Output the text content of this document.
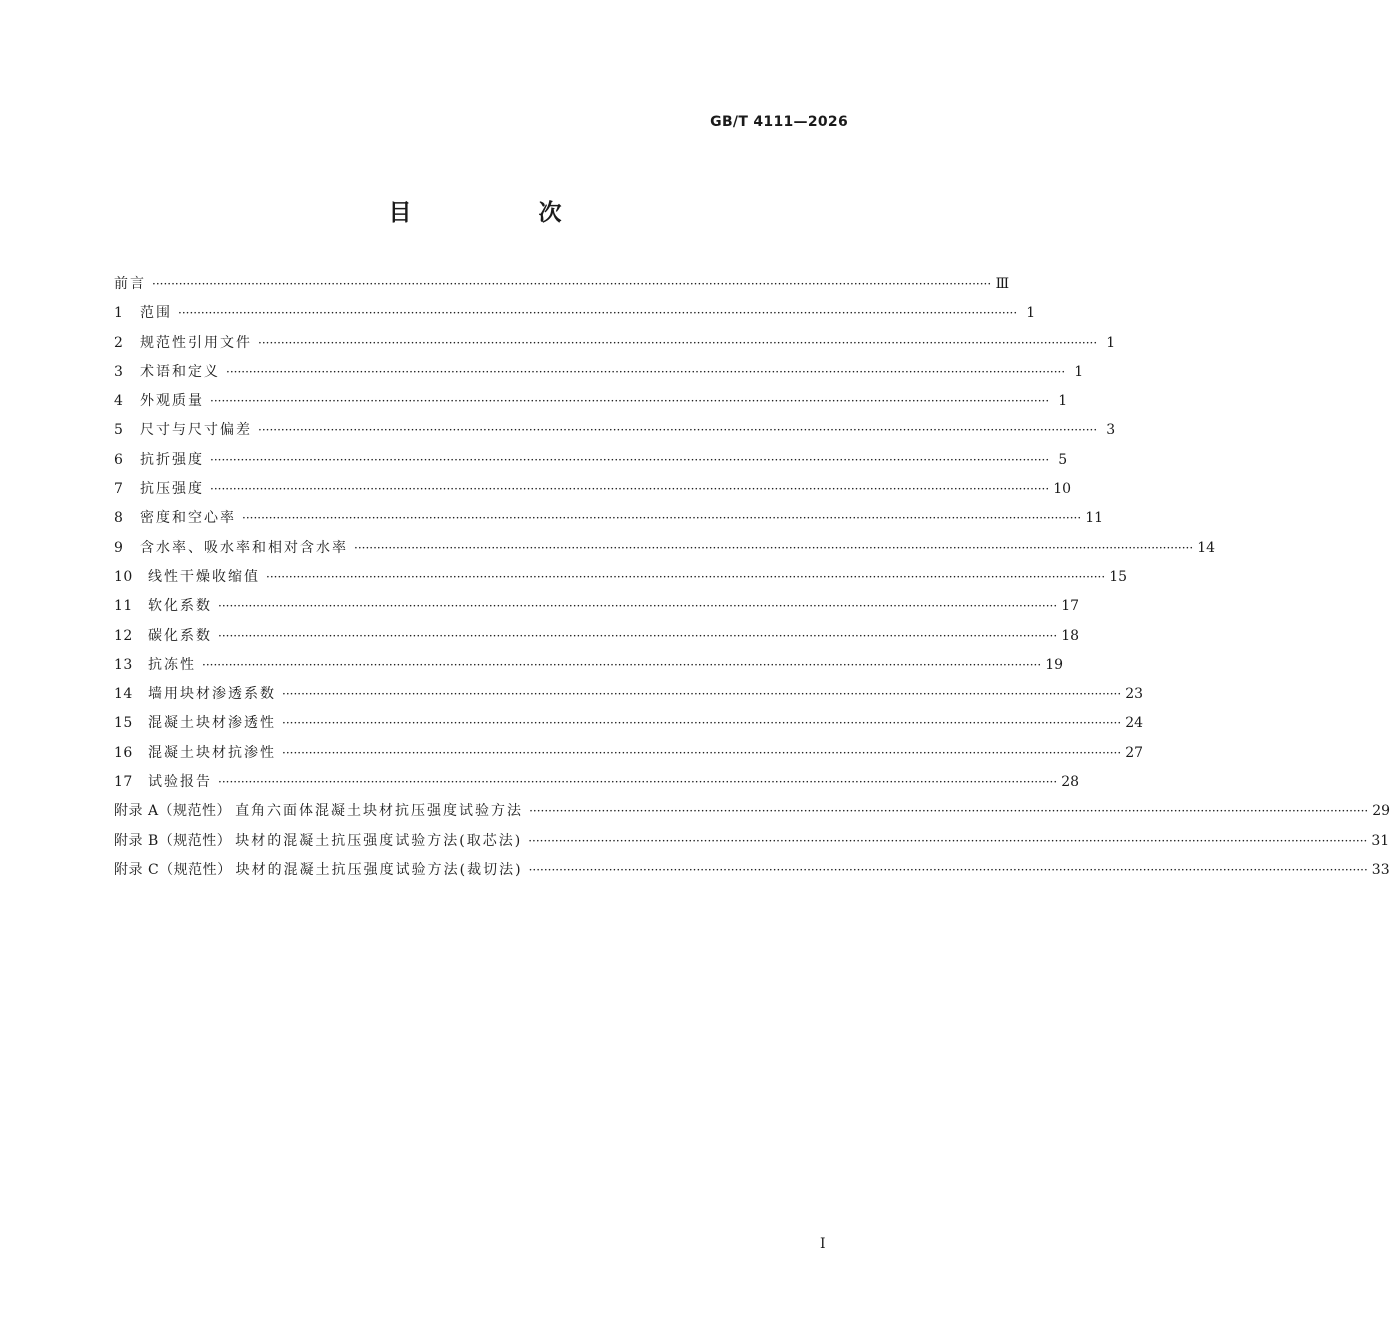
GB/T 4111—2026
目　次
前言 ···························································································································································································································· Ⅲ
1	范围 ···························································································································································································································· 1
2	规范性引用文件 ···························································································································································································································· 1
3	术语和定义 ···························································································································································································································· 1
4	外观质量 ···························································································································································································································· 1
5	尺寸与尺寸偏差 ···························································································································································································································· 3
6	抗折强度 ···························································································································································································································· 5
7	抗压强度 ···························································································································································································································· 10
8	密度和空心率 ···························································································································································································································· 11
9	含水率、吸水率和相对含水率 ···························································································································································································································· 14
10	线性干燥收缩值 ···························································································································································································································· 15
11	软化系数 ···························································································································································································································· 17
12	碳化系数 ···························································································································································································································· 18
13	抗冻性 ···························································································································································································································· 19
14	墙用块材渗透系数 ···························································································································································································································· 23
15	混凝土块材渗透性 ···························································································································································································································· 24
16	混凝土块材抗渗性 ···························································································································································································································· 27
17	试验报告 ···························································································································································································································· 28
附录 A（规范性） 直角六面体混凝土块材抗压强度试验方法 ···························································································································································································································· 29
附录 B（规范性） 块材的混凝土抗压强度试验方法(取芯法) ···························································································································································································································· 31
附录 C（规范性） 块材的混凝土抗压强度试验方法(裁切法) ···························································································································································································································· 33
Ⅰ
